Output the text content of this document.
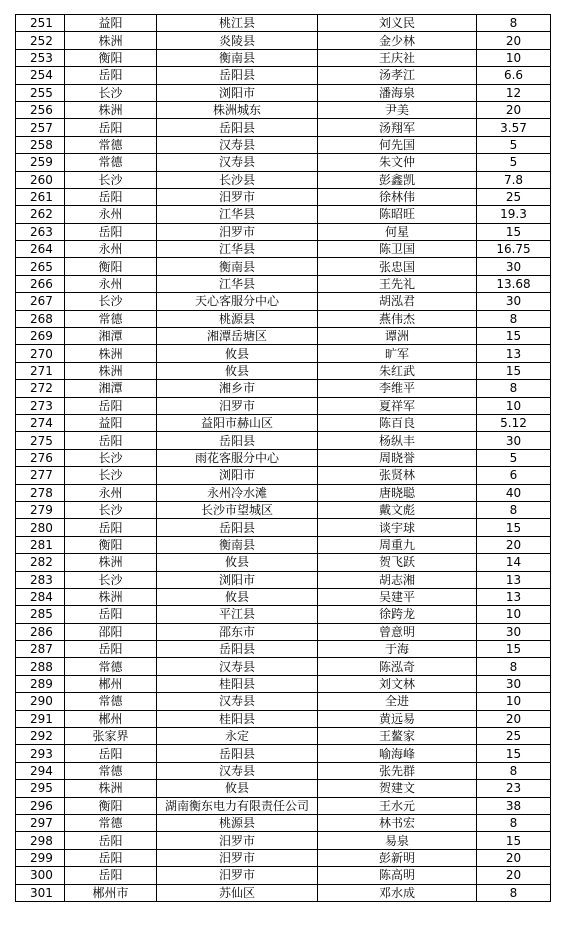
251	益阳	桃江县	刘义民	8
252	株洲	炎陵县	金少林	20
253	衡阳	衡南县	王庆社	10
254	岳阳	岳阳县	汤孝江	6.6
255	长沙	浏阳市	潘海泉	12
256	株洲	株洲城东	尹美	20
257	岳阳	岳阳县	汤翔军	3.57
258	常德	汉寿县	何先国	5
259	常德	汉寿县	朱文仲	5
260	长沙	长沙县	彭鑫凯	7.8
261	岳阳	汨罗市	徐林伟	25
262	永州	江华县	陈昭旺	19.3
263	岳阳	汨罗市	何星	15
264	永州	江华县	陈卫国	16.75
265	衡阳	衡南县	张忠国	30
266	永州	江华县	王先礼	13.68
267	长沙	天心客服分中心	胡泓君	30
268	常德	桃源县	燕伟杰	8
269	湘潭	湘潭岳塘区	谭洲	15
270	株洲	攸县	旷军	13
271	株洲	攸县	朱红武	15
272	湘潭	湘乡市	李维平	8
273	岳阳	汨罗市	夏祥军	10
274	益阳	益阳市赫山区	陈百良	5.12
275	岳阳	岳阳县	杨纵丰	30
276	长沙	雨花客服分中心	周晓誉	5
277	长沙	浏阳市	张贤林	6
278	永州	永州冷水滩	唐晓聪	40
279	长沙	长沙市望城区	戴文彪	8
280	岳阳	岳阳县	谈宇球	15
281	衡阳	衡南县	周重九	20
282	株洲	攸县	贺飞跃	14
283	长沙	浏阳市	胡志湘	13
284	株洲	攸县	吴建平	13
285	岳阳	平江县	徐跨龙	10
286	邵阳	邵东市	曾意明	30
287	岳阳	岳阳县	于海	15
288	常德	汉寿县	陈泓奇	8
289	郴州	桂阳县	刘文林	30
290	常德	汉寿县	全进	10
291	郴州	桂阳县	黄远易	20
292	张家界	永定	王鳌家	25
293	岳阳	岳阳县	喻海峰	15
294	常德	汉寿县	张先群	8
295	株洲	攸县	贺建文	23
296	衡阳	湖南衡东电力有限责任公司	王水元	38
297	常德	桃源县	林书宏	8
298	岳阳	汨罗市	易泉	15
299	岳阳	汨罗市	彭新明	20
300	岳阳	汨罗市	陈高明	20
301	郴州市	苏仙区	邓水成	8
